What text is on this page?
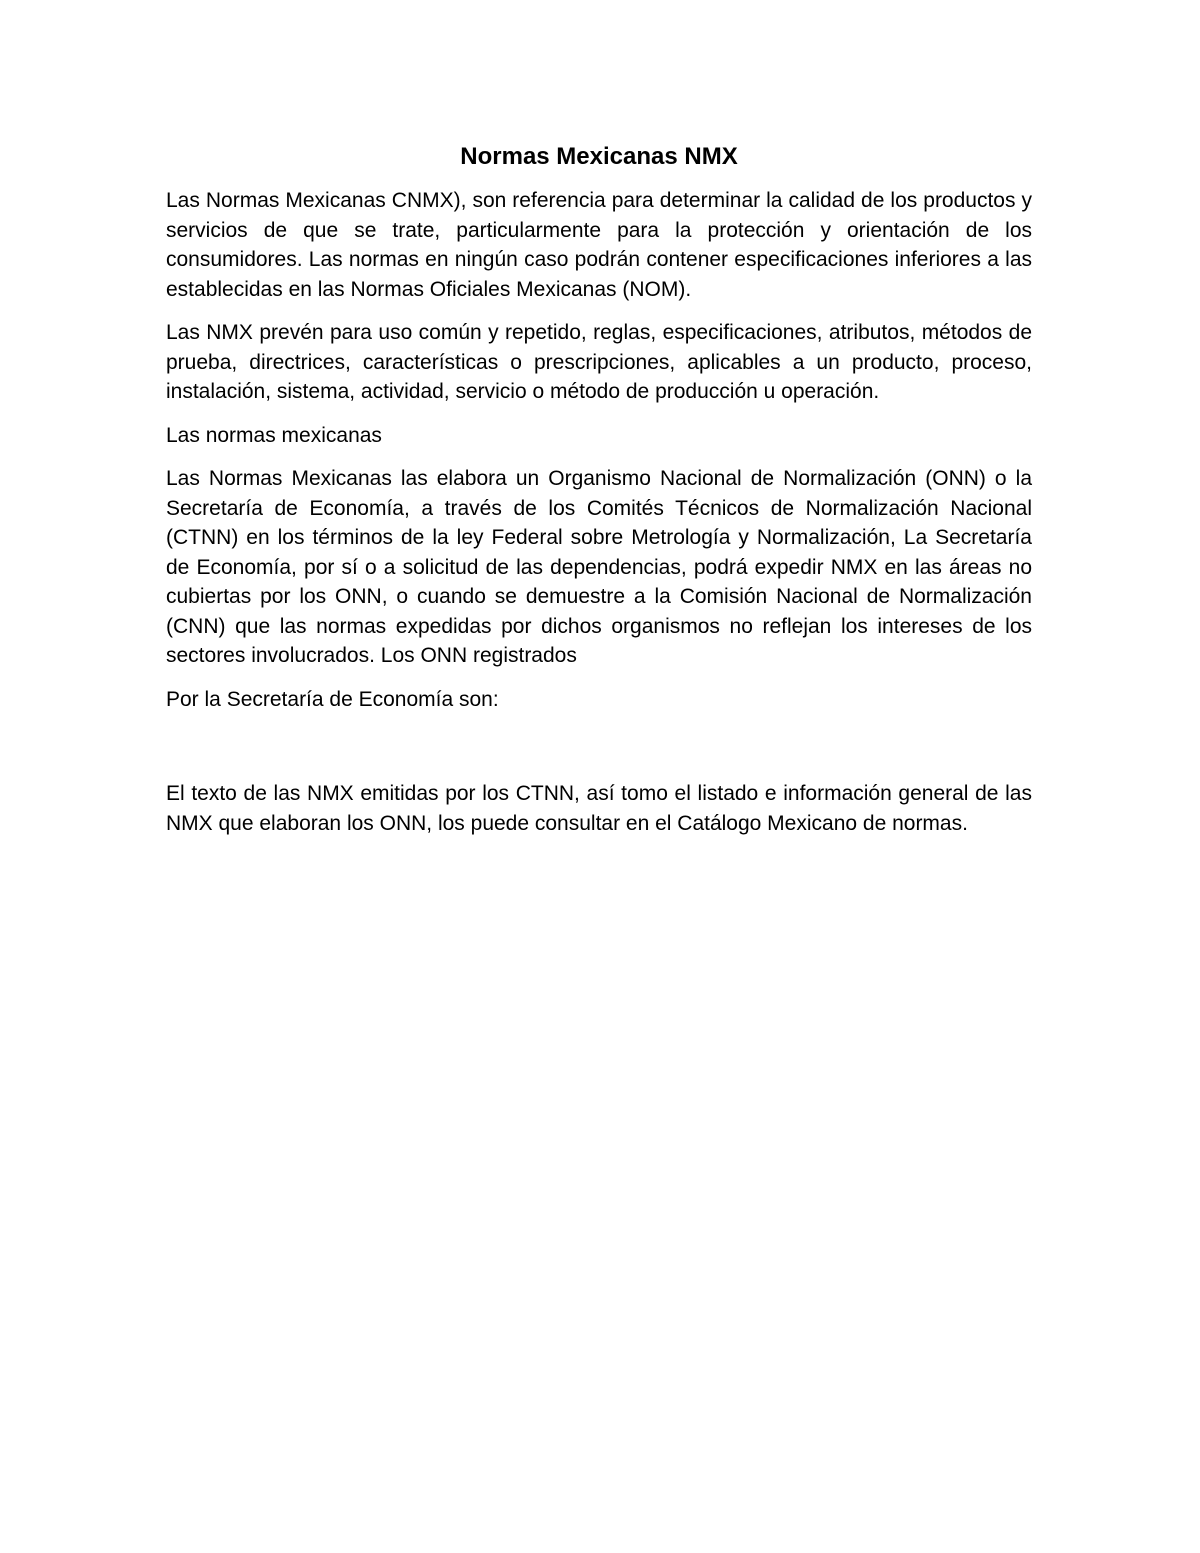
Normas Mexicanas NMX

Las Normas Mexicanas CNMX), son referencia para determinar la calidad de los productos y servicios de que se trate, particularmente para la protección y orientación de los consumidores. Las normas en ningún caso podrán contener especificaciones inferiores a las establecidas en las Normas Oficiales Mexicanas (NOM).

Las NMX prevén para uso común y repetido, reglas, especificaciones, atributos, métodos de prueba, directrices, características o prescripciones, aplicables a un producto, proceso, instalación, sistema, actividad, servicio o método de producción u operación.

Las normas mexicanas

Las Normas Mexicanas las elabora un Organismo Nacional de Normalización (ONN) o la Secretaría de Economía, a través de los Comités Técnicos de Normalización Nacional (CTNN) en los términos de la ley Federal sobre Metrología y Normalización, La Secretaría de Economía, por sí o a solicitud de las dependencias, podrá expedir NMX en las áreas no cubiertas por los ONN, o cuando se demuestre a la Comisión Nacional de Normalización (CNN) que las normas expedidas por dichos organismos no reflejan los intereses de los sectores involucrados. Los ONN registrados

Por la Secretaría de Economía son:

El texto de las NMX emitidas por los CTNN, así tomo el listado e información general de las NMX que elaboran los ONN, los puede consultar en el Catálogo Mexicano de normas.
